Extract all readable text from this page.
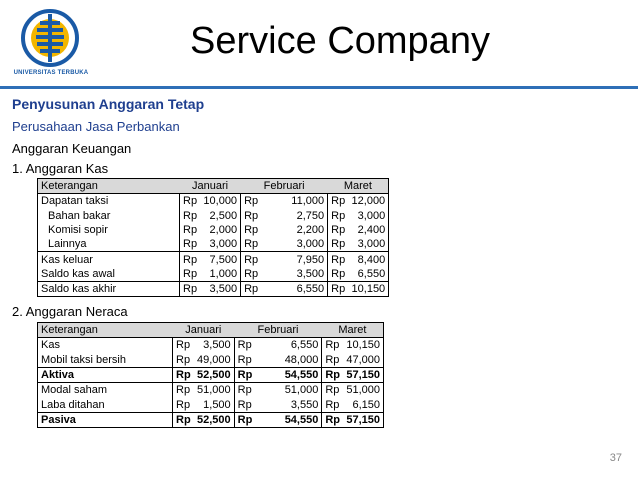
UNIVERSITAS TERBUKA
Service Company
Penyusunan Anggaran Tetap
Perusahaan Jasa Perbankan
Anggaran Keuangan
1. Anggaran Kas
Keterangan	Januari		Februari		Maret	
Dapatan taksi	Rp	10,000	Rp	11,000	Rp	12,000
Bahan bakar	Rp	2,500	Rp	2,750	Rp	3,000
Komisi sopir	Rp	2,000	Rp	2,200	Rp	2,400
Lainnya	Rp	3,000	Rp	3,000	Rp	3,000
Kas keluar	Rp	7,500	Rp	7,950	Rp	8,400
Saldo kas awal	Rp	1,000	Rp	3,500	Rp	6,550
Saldo kas akhir	Rp	3,500	Rp	6,550	Rp	10,150
2. Anggaran Neraca
Keterangan	Januari		Februari		Maret	
Kas	Rp	3,500	Rp	6,550	Rp	10,150
Mobil taksi bersih	Rp	49,000	Rp	48,000	Rp	47,000
Aktiva	Rp	52,500	Rp	54,550	Rp	57,150
Modal saham	Rp	51,000	Rp	51,000	Rp	51,000
Laba ditahan	Rp	1,500	Rp	3,550	Rp	6,150
Pasiva	Rp	52,500	Rp	54,550	Rp	57,150
37
